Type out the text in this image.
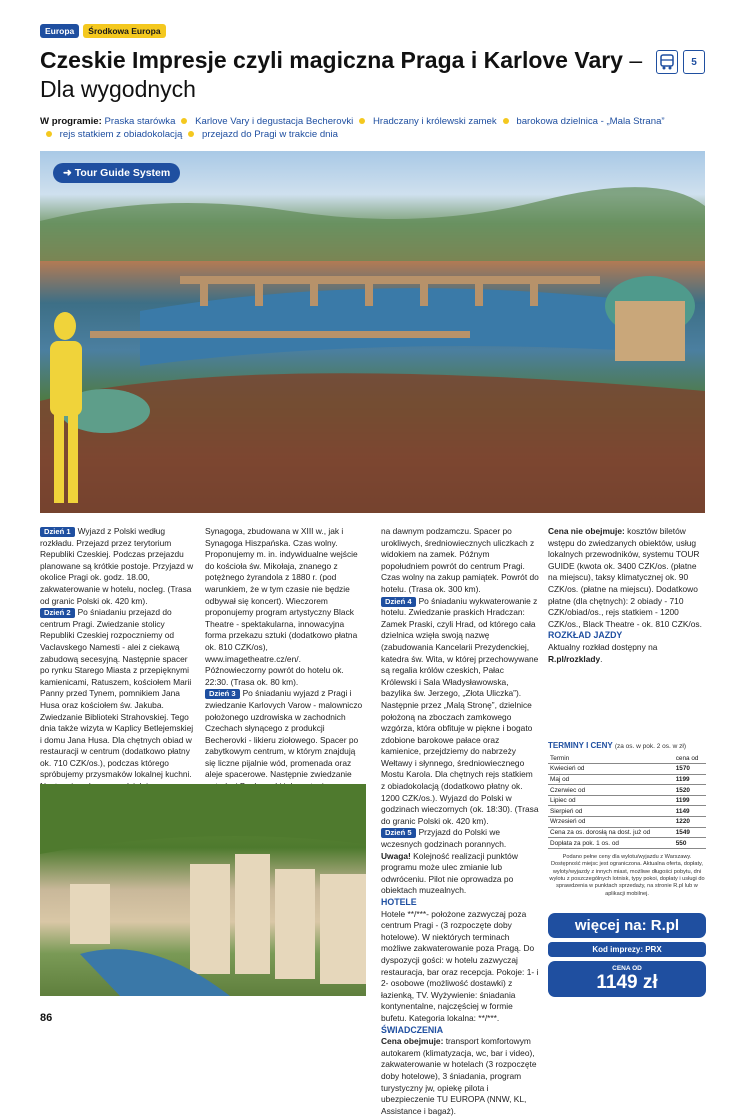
Europa	Środkowa Europa
Czeskie Impresje czyli magiczna Praga i Karlove Vary – Dla wygodnych
5
W programie: Praska starówka Karlove Vary i degustacja Becherovki Hradczany i królewski zamek barokowa dzielnica - „Mala Strana”
rejs statkiem z obiadokolacją przejazd do Pragi w trakcie dnia
➜ Tour Guide System
Dzień 1 Wyjazd z Polski według rozkładu. Przejazd przez terytorium Republiki Czeskiej. Podczas przejazdu planowane są krótkie postoje. Przyjazd w okolice Pragi ok. godz. 18.00, zakwaterowanie w hotelu, nocleg. (Trasa od granic Polski ok. 420 km).
Dzień 2 Po śniadaniu przejazd do centrum Pragi. Zwiedzanie stolicy Republiki Czeskiej rozpoczniemy od Vaclavskego Namesti - alei z ciekawą zabudową secesyjną. Następnie spacer po rynku Starego Miasta z przepięknymi kamienicami, Ratuszem, kościołem Marii Panny przed Tynem, pomnikiem Jana Husa oraz kościołem św. Jakuba. Zwiedzanie Biblioteki Strahovskiej. Tego dnia także wizyta w Kaplicy Betlejemskiej i domu Jana Husa. Dla chętnych obiad w restauracji w centrum (dodatkowo płatny ok. 710 CZK/os.), podczas którego spróbujemy przysmaków lokalnej kuchni.
Synagoga, zbudowana w XIII w., jak i Synagoga Hiszpańska. Czas wolny. Proponujemy m. in. indywidualne wejście do kościoła św. Mikołaja, znanego z potężnego żyrandola z 1880 r. (pod warunkiem, że w tym czasie nie będzie odbywał się koncert). Wieczorem proponujemy program artystyczny Black Theatre - spektakularna, innowacyjna forma przekazu sztuki (dodatkowo płatna ok. 810 CZK/os), www.imagetheatre.cz/en/. Późnowieczorny powrót do hotelu ok. 22:30. (Trasa ok. 80 km).
Dzień 3 Po śniadaniu wyjazd z Pragi i zwiedzanie Karlovych Varow - malowniczo położonego uzdrowiska w zachodnich Czechach słynącego z produkcji Becherovki - likieru ziołowego. Spacer po zabytkowym centrum, w którym znajdują się liczne pijalnie wód, promenada oraz aleje spacerowe. Następnie zwiedzanie
na dawnym podzamczu. Spacer po urokliwych, średniowiecznych uliczkach z widokiem na zamek. Późnym popołudniem powrót do centrum Pragi. Czas wolny na zakup pamiątek. Powrót do hotelu. (Trasa ok. 300 km).
Dzień 4 Po śniadaniu wykwaterowanie z hotelu. Zwiedzanie praskich Hradczan: Zamek Praski, czyli Hrad, od którego cała dzielnica wzięła swoją nazwę (zabudowania Kancelarii Prezydenckiej, katedra św. Wita, w której przechowywane są regalia królów czeskich, Pałac Królewski i Sala Władysławowska, bazylika św. Jerzego, „Złota Uliczka”). Następnie przez „Malą Stronę”, dzielnice położoną na zboczach zamkowego wzgórza, która obfituje w piękne i bogato zdobione barokowe pałace oraz kamienice, przejdziemy do nabrzeży Wełtawy i słynnego, średniowiecznego Mostu Karola. Dla chętnych rejs statkiem z obiadokolacją (dodatkowo płatny ok. 1200 CZK/os.). Wyjazd do Polski w godzinach wieczornych (ok. 18:30). (Trasa do granic Polski ok. 420 km).
Dzień 5 Przyjazd do Polski we wczesnych godzinach porannych.
Uwaga! Kolejność realizacji punktów programu może ulec zmianie lub odwróceniu. Pilot nie oprowadza po obiektach muzealnych.

HOTELE
Hotele **/***- położone zazwyczaj poza centrum Pragi - (3 rozpoczęte doby hotelowe). W niektórych terminach możliwe zakwaterowanie poza Pragą. Do dyspozycji gości: w hotelu zazwyczaj restauracja, bar oraz recepcja. Pokoje: 1- i 2- osobowe (możliwość dostawki) z łazienką, TV. Wyżywienie: śniadania kontynentalne, najczęściej w formie bufetu. Kategoria lokalna: **/***.

ŚWIADCZENIA
Cena obejmuje: transport komfortowym autokarem (klimatyzacja, wc, bar i video), zakwaterowanie w hotelach (3 rozpoczęte doby hotelowe), 3 śniadania, program turystyczny jw, opiekę pilota i ubezpieczenie TU EUROPA (NNW, KL, Assistance i bagaż).
Cena nie obejmuje: kosztów biletów wstępu do zwiedzanych obiektów, usług lokalnych przewodników, systemu TOUR GUIDE (kwota ok. 3400 CZK/os. (płatne na miejscu), taksy klimatycznej ok. 90 CZK/os. (płatne na miejscu). Dodatkowo płatne (dla chętnych): 2 obiady - 710 CZK/obiad/os., rejs statkiem - 1200 CZK/os., Black Theatre - ok. 810 CZK/os.

ROZKŁAD JAZDY
Aktualny rozkład dostępny na R.pl/rozklady.
TERMINY I CENY (za os. w pok. 2 os. w zł)
Termin	cena od
Kwiecień od	1570
Maj od	1199
Czerwiec od	1520
Lipiec od	1199
Sierpień od	1149
Wrzesień od	1220
Cena za os. dorosłą na dost. już od	1549
Dopłata za pok. 1 os. od	550
Podano pełne ceny dla wylotu/wyjazdu z Warszawy. Dostępność miejsc jest ograniczona. Aktualna oferta, dopłaty, wyloty/wyjazdy z innych miast, możliwe długości pobytu, dni wylotu z poszczególnych lotnisk, typy pokoi, dopłaty i usługi do sprawdzenia w punktach sprzedaży, na stronie R.pl lub w aplikacji mobilnej.
więcej na: R.pl
Kod imprezy: PRX
CENA OD
1149 zł
86
